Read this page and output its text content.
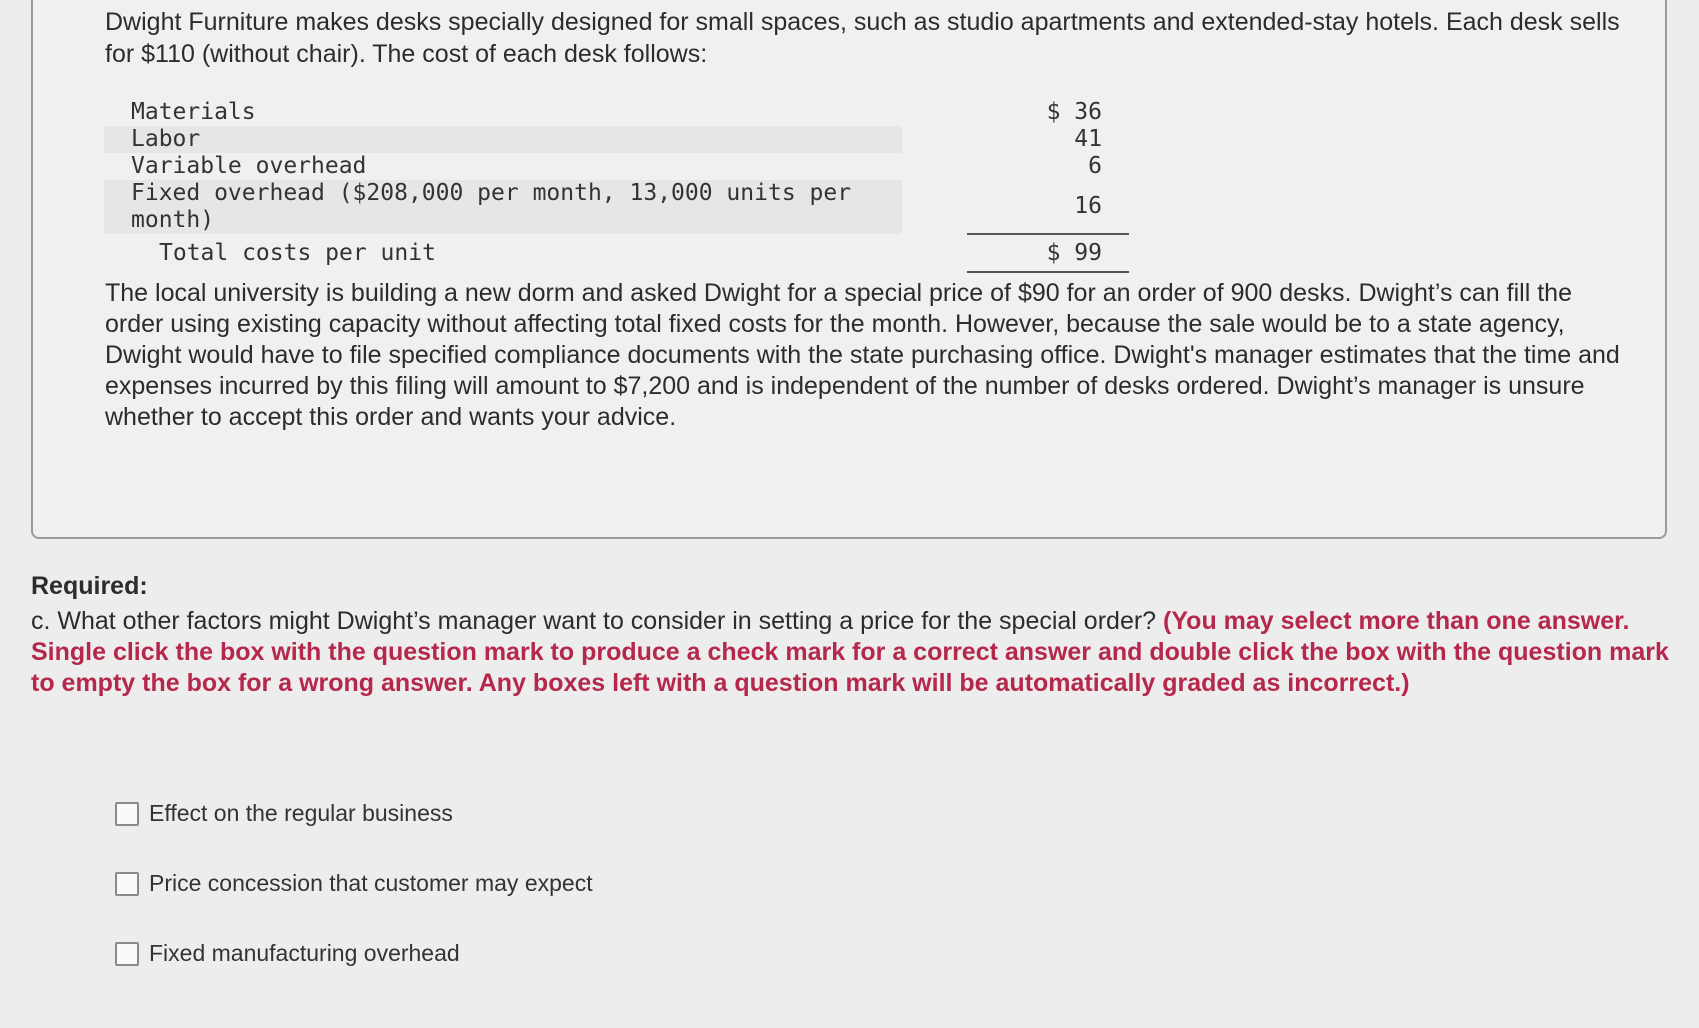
Dwight Furniture makes desks specially designed for small spaces, such as studio apartments and extended-stay hotels. Each desk sells for $110 (without chair). The cost of each desk follows:

Materials		$ 36
Labor		41
Variable overhead		6
Fixed overhead ($208,000 per month, 13,000 units per month)		16
Total costs per unit		$ 99

The local university is building a new dorm and asked Dwight for a special price of $90 for an order of 900 desks. Dwight’s can fill the order using existing capacity without affecting total fixed costs for the month. However, because the sale would be to a state agency, Dwight would have to file specified compliance documents with the state purchasing office. Dwight's manager estimates that the time and expenses incurred by this filing will amount to $7,200 and is independent of the number of desks ordered. Dwight’s manager is unsure whether to accept this order and wants your advice.

Required:

c. What other factors might Dwight’s manager want to consider in setting a price for the special order? (You may select more than one answer. Single click the box with the question mark to produce a check mark for a correct answer and double click the box with the question mark to empty the box for a wrong answer. Any boxes left with a question mark will be automatically graded as incorrect.)

Effect on the regular business
Price concession that customer may expect
Fixed manufacturing overhead
